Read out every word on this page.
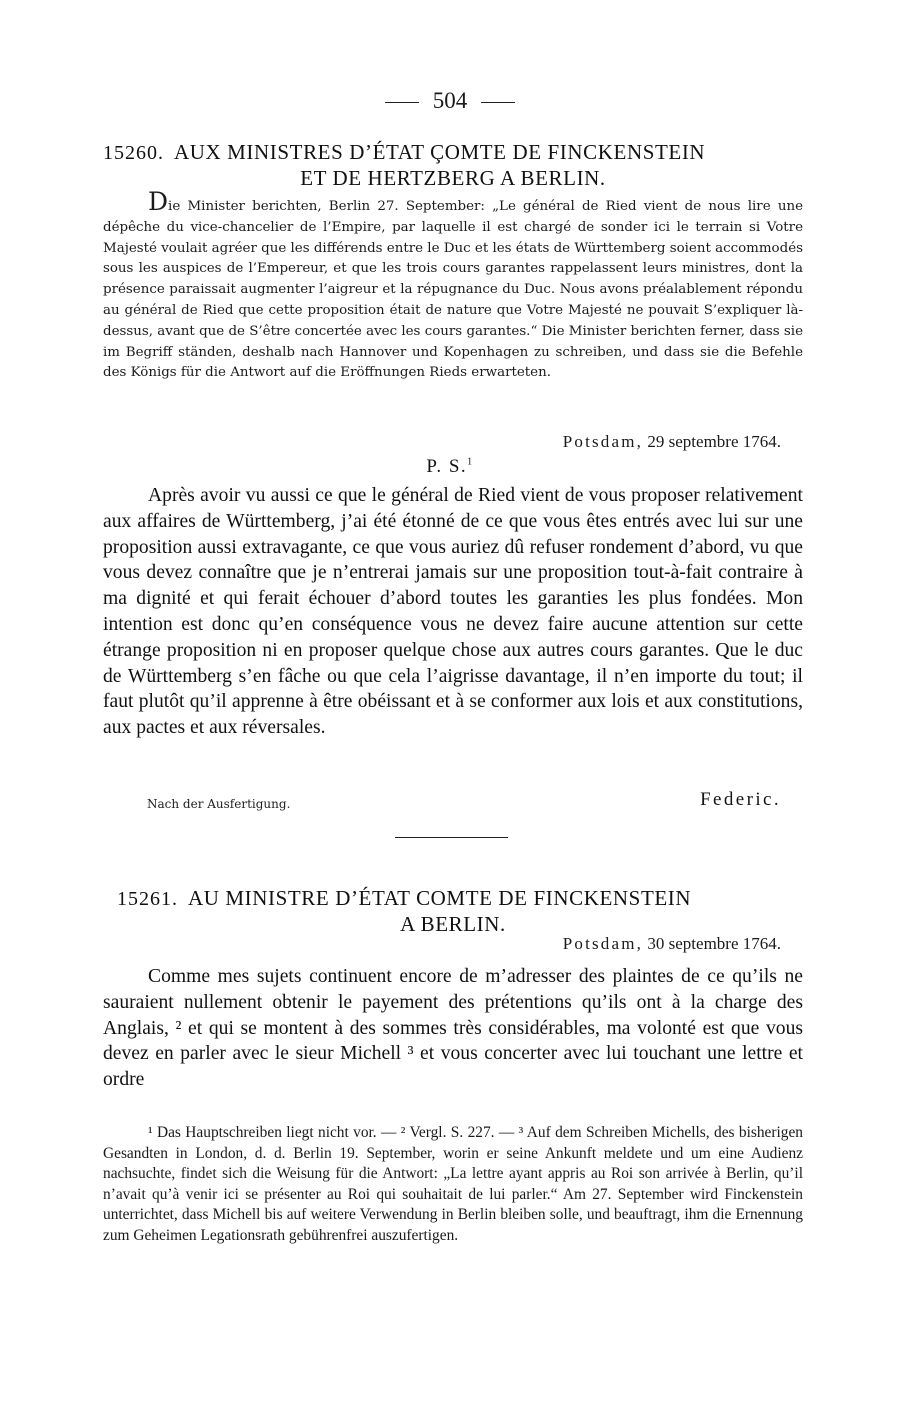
504
15260. AUX MINISTRES D’ÉTAT ÇOMTE DE FINCKENSTEIN
ET DE HERTZBERG A BERLIN.

Die Minister berichten, Berlin 27. September: „Le général de Ried vient de nous lire une dépêche du vice-chancelier de l’Empire, par laquelle il est chargé de sonder ici le terrain si Votre Majesté voulait agréer que les différends entre le Duc et les états de Württemberg soient accommodés sous les auspices de l’Empereur, et que les trois cours garantes rappelassent leurs ministres, dont la présence paraissait augmenter l’aigreur et la répugnance du Duc. Nous avons préalablement répondu au général de Ried que cette proposition était de nature que Votre Majesté ne pouvait S’expliquer là-dessus, avant que de S’être concertée avec les cours garantes.“ Die Minister berichten ferner, dass sie im Begriff ständen, deshalb nach Hannover und Kopenhagen zu schreiben, und dass sie die Befehle des Königs für die Antwort auf die Eröffnungen Rieds erwarteten.

Potsdam, 29 septembre 1764.
P. S.$^1$

Après avoir vu aussi ce que le général de Ried vient de vous proposer relativement aux affaires de Württemberg, j’ai été étonné de ce que vous êtes entrés avec lui sur une proposition aussi extravagante, ce que vous auriez dû refuser rondement d’abord, vu que vous devez connaître que je n’entrerai jamais sur une proposition tout-à-fait contraire à ma dignité et qui ferait échouer d’abord toutes les garanties les plus fondées. Mon intention est donc qu’en conséquence vous ne devez faire aucune attention sur cette étrange proposition ni en proposer quelque chose aux autres cours garantes. Que le duc de Württemberg s’en fâche ou que cela l’aigrisse davantage, il n’en importe du tout; il faut plutôt qu’il apprenne à être obéissant et à se conformer aux lois et aux constitutions, aux pactes et aux réversales.

Nach der Ausfertigung.	Federic.
15261. AU MINISTRE D’ÉTAT COMTE DE FINCKENSTEIN
A BERLIN.
Potsdam, 30 septembre 1764.

Comme mes sujets continuent encore de m’adresser des plaintes de ce qu’ils ne sauraient nullement obtenir le payement des prétentions qu’ils ont à la charge des Anglais, ² et qui se montent à des sommes très considérables, ma volonté est que vous devez en parler avec le sieur Michell ³ et vous concerter avec lui touchant une lettre et ordre

¹ Das Hauptschreiben liegt nicht vor. — ² Vergl. S. 227. — ³ Auf dem Schreiben Michells, des bisherigen Gesandten in London, d. d. Berlin 19. September, worin er seine Ankunft meldete und um eine Audienz nachsuchte, findet sich die Weisung für die Antwort: „La lettre ayant appris au Roi son arrivée à Berlin, qu’il n’avait qu’à venir ici se présenter au Roi qui souhaitait de lui parler.“ Am 27. September wird Finckenstein unterrichtet, dass Michell bis auf weitere Verwendung in Berlin bleiben solle, und beauftragt, ihm die Ernennung zum Geheimen Legationsrath gebührenfrei auszufertigen.
